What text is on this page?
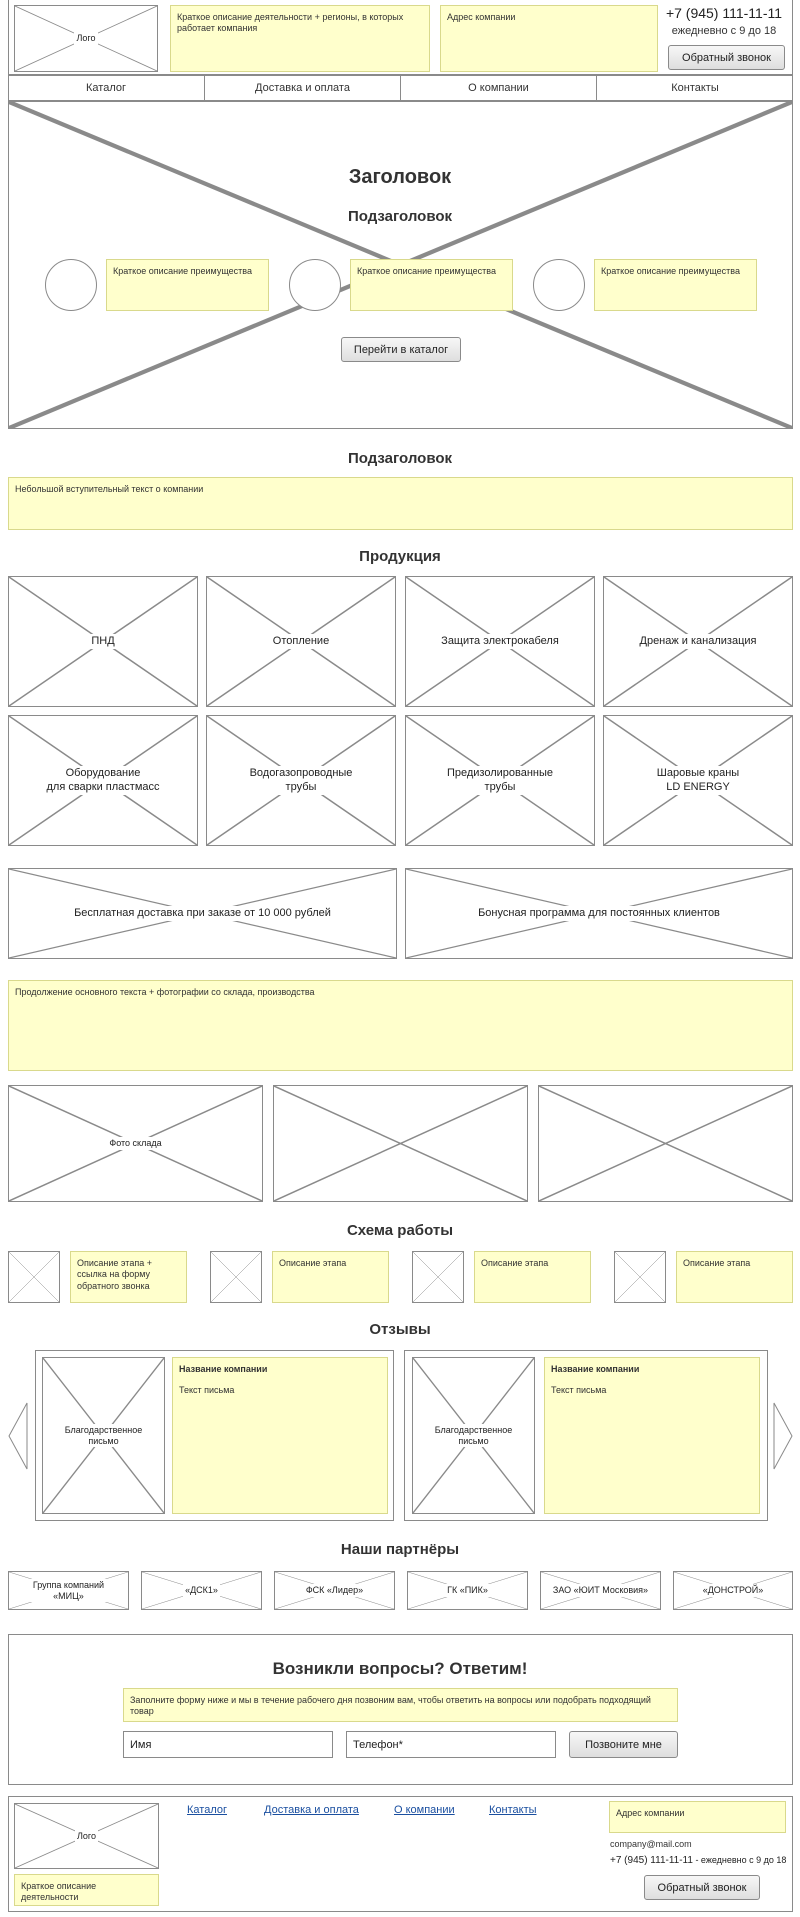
Лого
Краткое описание деятельности + регионы, в которых работает компания
Адрес компании	+7 (945) 111-11-11
ежедневно с 9 до 18
Обратный звонок
Каталог	Доставка и оплата	О компании	Контакты
Заголовок
Подзаголовок
Краткое описание преимущества	Краткое описание преимущества	Краткое описание преимущества
Перейти в каталог
Подзаголовок
Небольшой вступительный текст о компании
Продукция
ПНД	Отопление	Защита электрокабеля	Дренаж и канализация
Оборудование
для сварки пластмасс
Водогазопроводные
трубы
Предизолированные
трубы
Шаровые краны
LD ENERGY
Бесплатная доставка при заказе от 10 000 рублей	Бонусная программа для постоянных клиентов
Продолжение основного текста + фотографии со склада, производства
Фото склада
Схема работы
Описание этапа + ссылка на форму обратного звонка
Описание этапа	Описание этапа	Описание этапа
Отзывы
Благодарственное письмо
Название компании
Текст письма
Благодарственное письмо
Название компании
Текст письма
Наши партнёры
Группа компаний «МИЦ»
«ДСК1»	ФСК «Лидер»	ГК «ПИК»	ЗАО «ЮИТ Московия»	«ДОНСТРОЙ»
Возникли вопросы? Ответим!
Заполните форму ниже и мы в течение рабочего дня позвоним вам, чтобы ответить на вопросы или подобрать подходящий товар
Имя	Телефон*	Позвоните мне
Лого
Краткое описание деятельности
Каталог	Доставка и оплата	О компании	Контакты	Адрес компании
company@mail.com
+7 (945) 111-11-11 - ежедневно с 9 до 18
Обратный звонок
